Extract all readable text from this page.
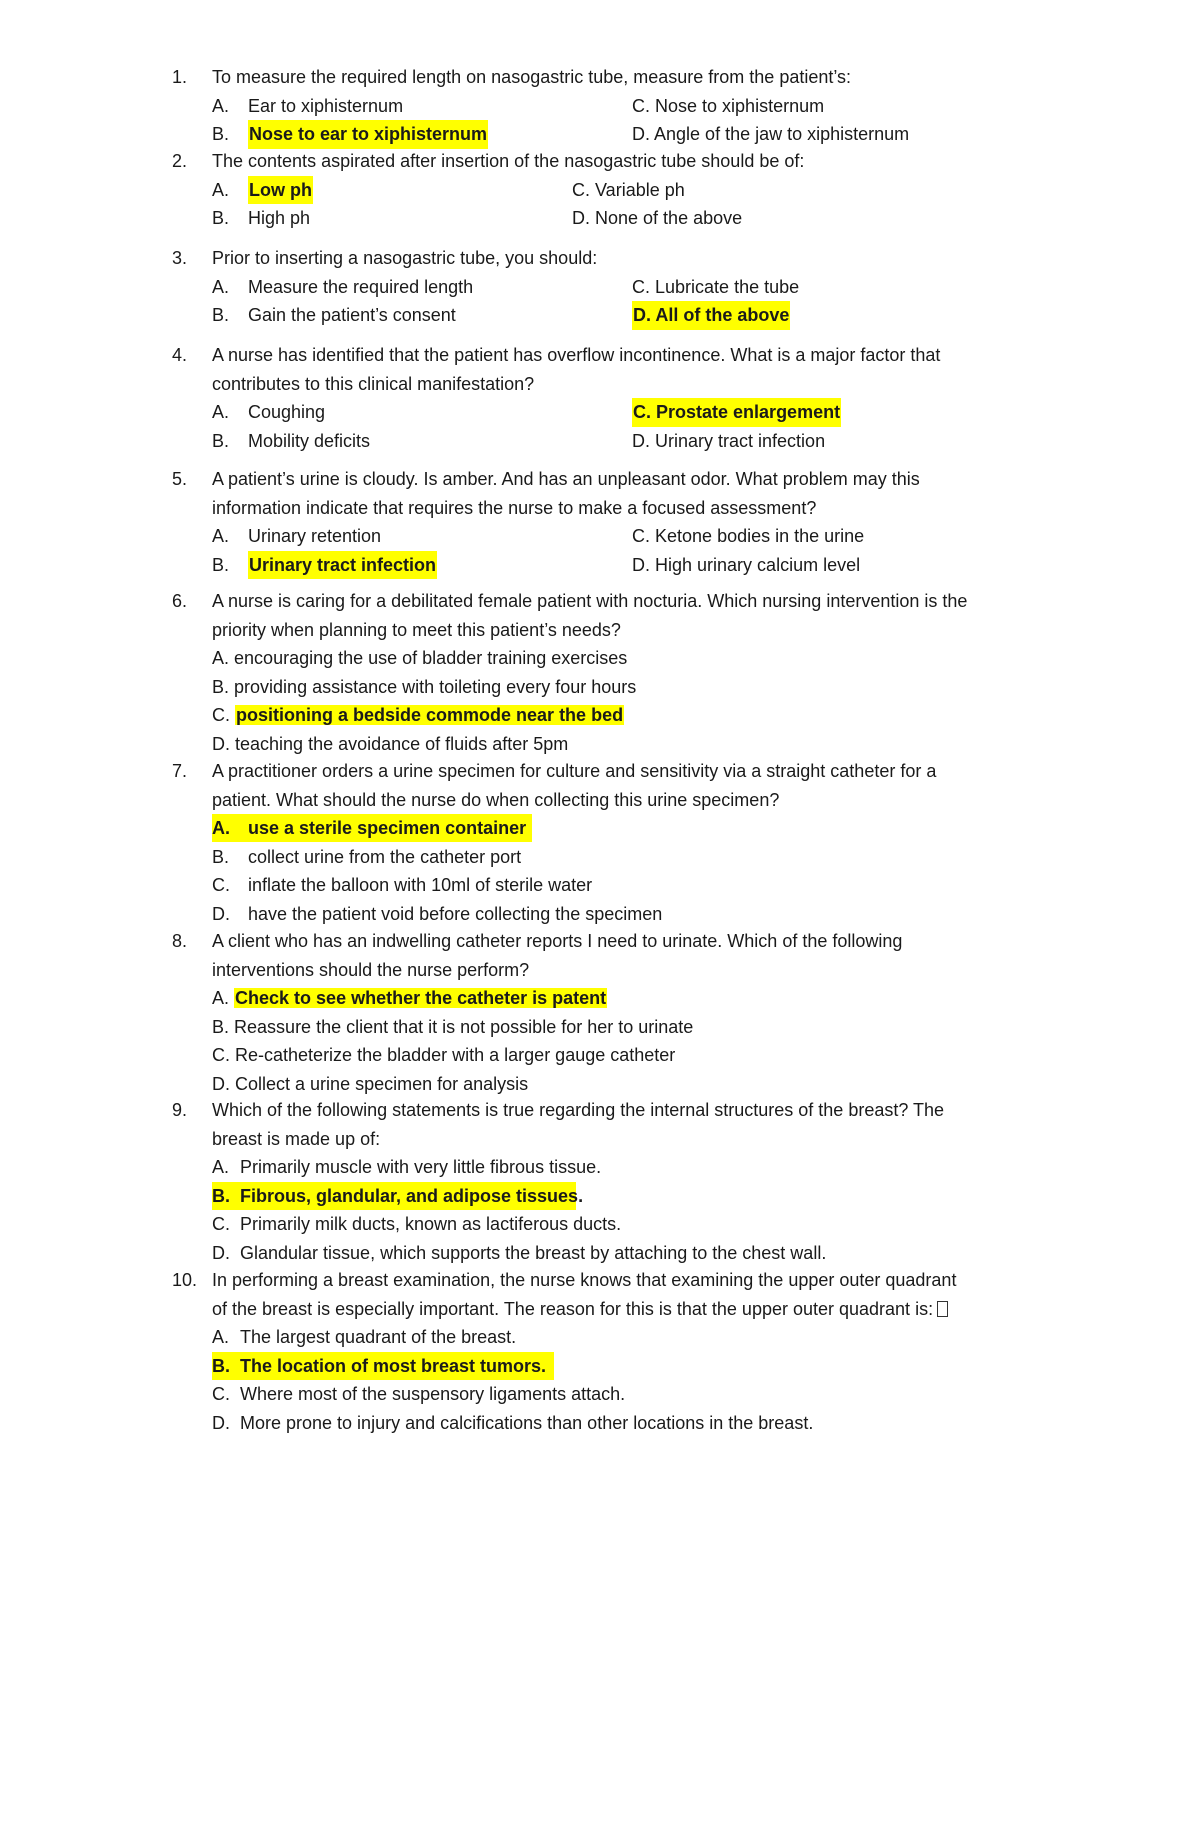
1.	To measure the required length on nasogastric tube, measure from the patient’s:
A. Ear to xiphisternum	C. Nose to xiphisternum
B. Nose to ear to xiphisternum	D. Angle of the jaw to xiphisternum
2.	The contents aspirated after insertion of the nasogastric tube should be of:
A. Low ph	C. Variable ph
B. High ph	D. None of the above
3.	Prior to inserting a nasogastric tube, you should:
A. Measure the required length	C. Lubricate the tube
B. Gain the patient’s consent	D. All of the above
4.	A nurse has identified that the patient has overflow incontinence. What is a major factor that
contributes to this clinical manifestation?
A. Coughing	C. Prostate enlargement
B. Mobility deficits	D. Urinary tract infection
5.	A patient’s urine is cloudy. Is amber. And has an unpleasant odor. What problem may this
information indicate that requires the nurse to make a focused assessment?
A. Urinary retention	C. Ketone bodies in the urine
B. Urinary tract infection	D. High urinary calcium level
6.	A nurse is caring for a debilitated female patient with nocturia. Which nursing intervention is the
priority when planning to meet this patient’s needs?
A. encouraging the use of bladder training exercises
B. providing assistance with toileting every four hours
C. positioning a bedside commode near the bed
D. teaching the avoidance of fluids after 5pm
7.	A practitioner orders a urine specimen for culture and sensitivity via a straight catheter for a
patient. What should the nurse do when collecting this urine specimen?
A. use a sterile specimen container
B. collect urine from the catheter port
C. inflate the balloon with 10ml of sterile water
D. have the patient void before collecting the specimen
8.	A client who has an indwelling catheter reports I need to urinate. Which of the following
interventions should the nurse perform?
A. Check to see whether the catheter is patent
B. Reassure the client that it is not possible for her to urinate
C. Re-catheterize the bladder with a larger gauge catheter
D. Collect a urine specimen for analysis
9.	Which of the following statements is true regarding the internal structures of the breast? The
breast is made up of:
A. Primarily muscle with very little fibrous tissue.
B. Fibrous, glandular, and adipose tissues.
C. Primarily milk ducts, known as lactiferous ducts.
D. Glandular tissue, which supports the breast by attaching to the chest wall.
10. In performing a breast examination, the nurse knows that examining the upper outer quadrant
of the breast is especially important. The reason for this is that the upper outer quadrant is:
A. The largest quadrant of the breast.
B. The location of most breast tumors.
C. Where most of the suspensory ligaments attach.
D. More prone to injury and calcifications than other locations in the breast.
